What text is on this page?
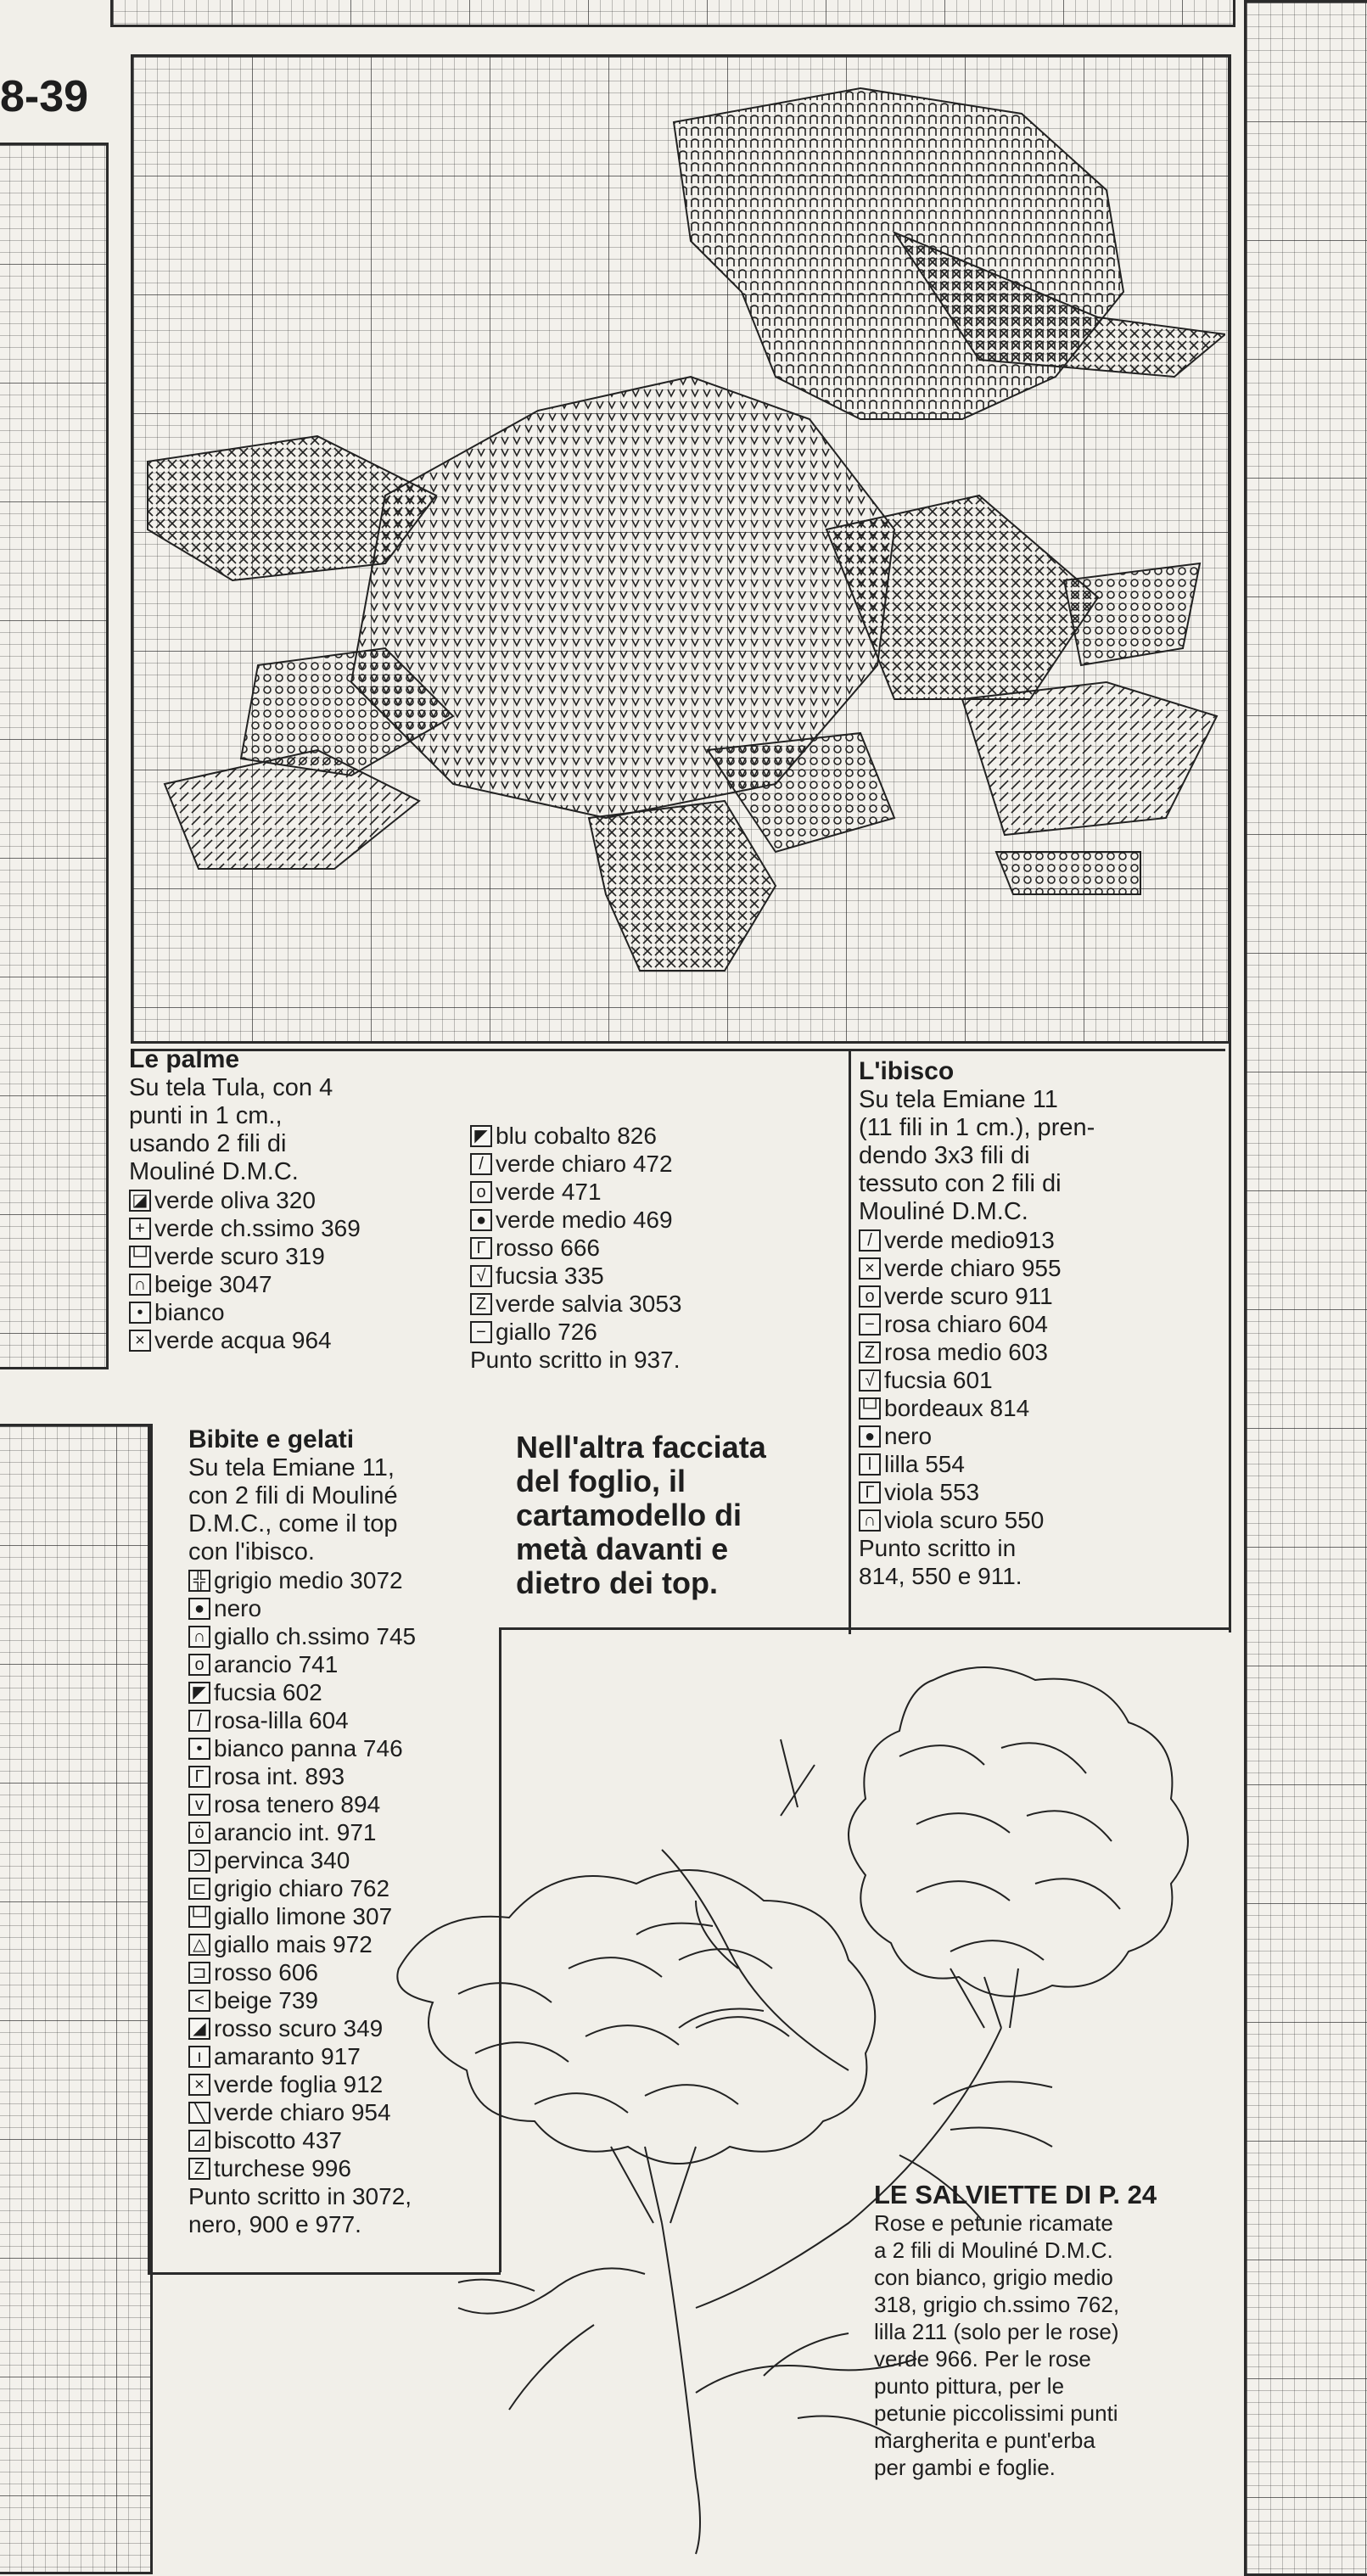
8-39
Le palme
Su tela Tula, con 4
punti in 1 cm.,
usando 2 fili di
Mouliné D.M.C.
◪ verde oliva 320
+ verde ch.ssimo 369
└┘ verde scuro 319
∩ beige 3047
• bianco
× verde acqua 964
◤ blu cobalto 826
/ verde chiaro 472
o verde 471
● verde medio 469
Γ rosso 666
√ fucsia 335
Z verde salvia 3053
− giallo 726
Punto scritto in 937.
L'ibisco
Su tela Emiane 11
(11 fili in 1 cm.), pren-
dendo 3x3 fili di
tessuto con 2 fili di
Mouliné D.M.C.
/ verde medio913
× verde chiaro 955
o verde scuro 911
− rosa chiaro 604
Z rosa medio 603
√ fucsia 601
└┘ bordeaux 814
● nero
l lilla 554
Γ viola 553
∩ viola scuro 550
Punto scritto in
814, 550 e 911.
Nell'altra facciata
del foglio, il
cartamodello di
metà davanti e
dietro dei top.
Bibite e gelati
Su tela Emiane 11,
con 2 fili di Mouliné
D.M.C., come il top
con l'ibisco.
╬ grigio medio 3072
● nero
∩ giallo ch.ssimo 745
o arancio 741
◤ fucsia 602
/ rosa-lilla 604
• bianco panna 746
Γ rosa int. 893
v rosa tenero 894
ȯ arancio int. 971
Ↄ pervinca 340
⊏ grigio chiaro 762
└┘ giallo limone 307
△ giallo mais 972
⊐ rosso 606
< beige 739
◢ rosso scuro 349
ı amaranto 917
× verde foglia 912
╲ verde chiaro 954
⊿ biscotto 437
Z turchese 996
Punto scritto in 3072,
nero, 900 e 977.
LE SALVIETTE DI P. 24
Rose e petunie ricamate
a 2 fili di Mouliné D.M.C.
con bianco, grigio medio
318, grigio ch.ssimo 762,
lilla 211 (solo per le rose)
verde 966. Per le rose
punto pittura, per le
petunie piccolissimi punti
margherita e punt'erba
per gambi e foglie.
